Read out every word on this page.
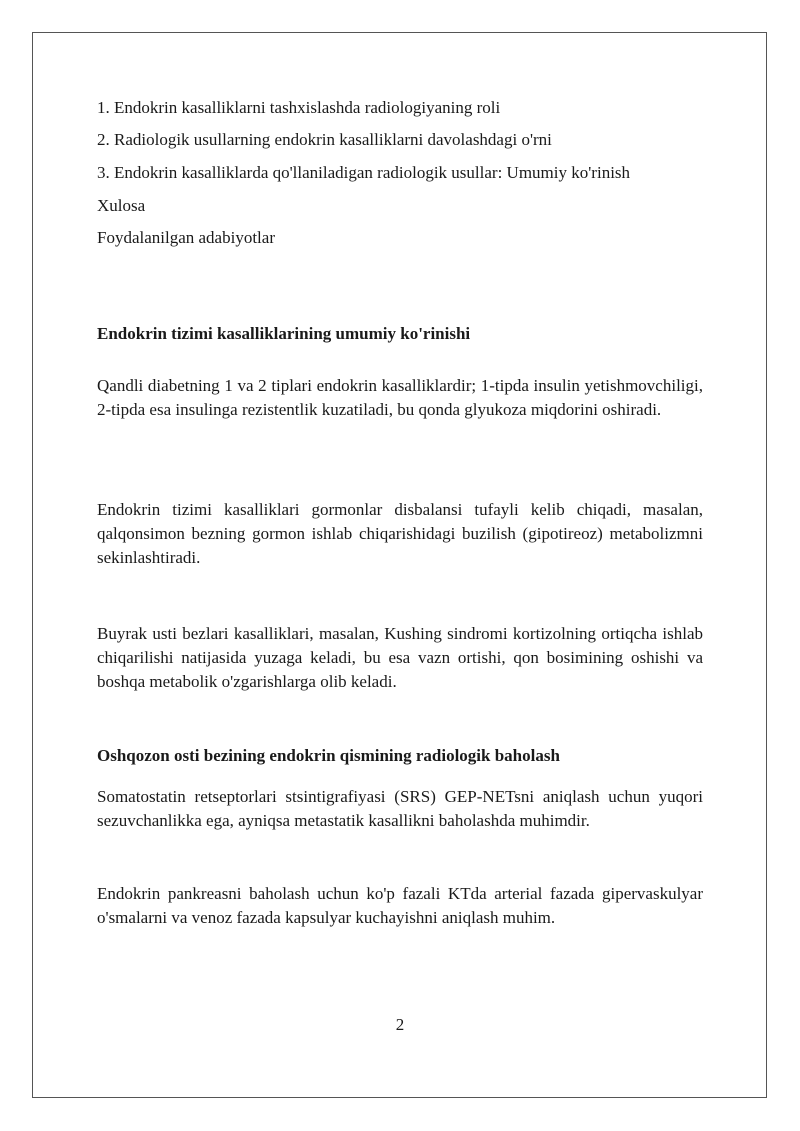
1. Endokrin kasalliklarni tashxislashda radiologiyaning roli
2. Radiologik usullarning endokrin kasalliklarni davolashdagi o'rni
3. Endokrin kasalliklarda qo'llaniladigan radiologik usullar: Umumiy ko'rinish
Xulosa
Foydalanilgan adabiyotlar
Endokrin tizimi kasalliklarining umumiy ko'rinishi

Qandli diabetning 1 va 2 tiplari endokrin kasalliklardir; 1-tipda insulin yetishmovchiligi, 2-tipda esa insulinga rezistentlik kuzatiladi, bu qonda glyukoza miqdorini oshiradi.

Endokrin tizimi kasalliklari gormonlar disbalansi tufayli kelib chiqadi, masalan, qalqonsimon bezning gormon ishlab chiqarishidagi buzilish (gipotireoz) metabolizmni sekinlashtiradi.

Buyrak usti bezlari kasalliklari, masalan, Kushing sindromi kortizolning ortiqcha ishlab chiqarilishi natijasida yuzaga keladi, bu esa vazn ortishi, qon bosimining oshishi va boshqa metabolik o'zgarishlarga olib keladi.

Oshqozon osti bezining endokrin qismining radiologik baholash

Somatostatin retseptorlari stsintigrafiyasi (SRS) GEP-NETsni aniqlash uchun yuqori sezuvchanlikka ega, ayniqsa metastatik kasallikni baholashda muhimdir.

Endokrin pankreasni baholash uchun ko'p fazali KTda arterial fazada gipervaskulyar o'smalarni va venoz fazada kapsulyar kuchayishni aniqlash muhim.

2
